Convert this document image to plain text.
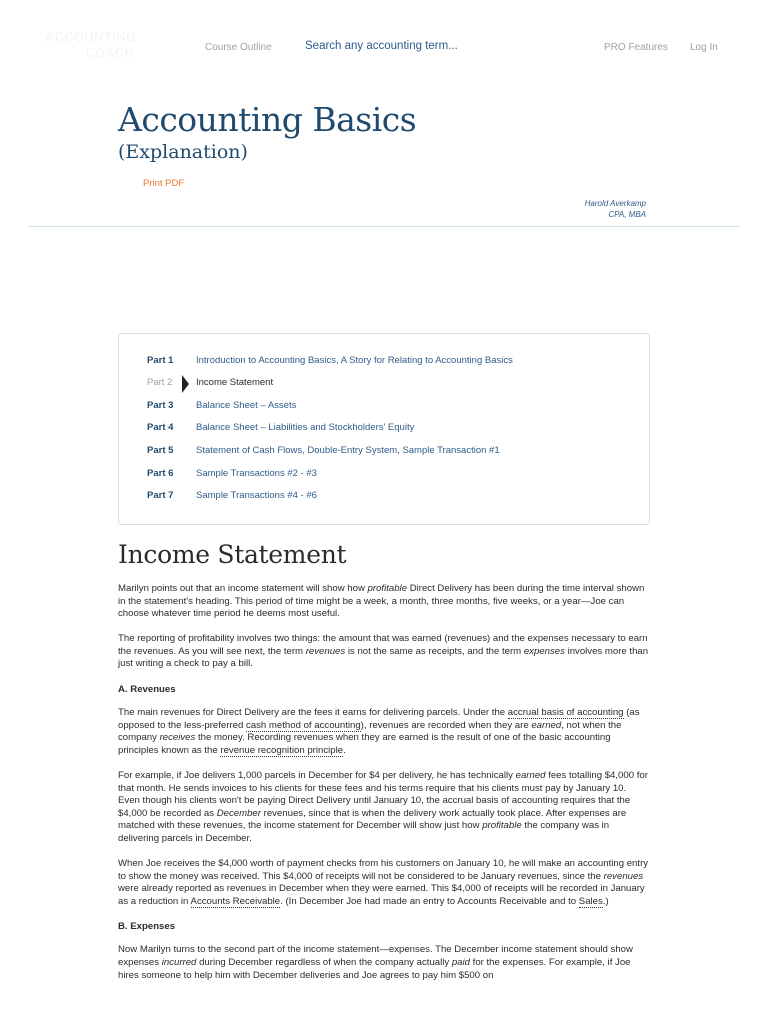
ACCOUNTING
COACH	Course Outline	Search any accounting term...	PRO Features Log In
Accounting Basics
(Explanation)
Print PDF
Harold Averkamp
CPA, MBA
Part 1	Introduction to Accounting Basics, A Story for Relating to Accounting Basics
Part 2	Income Statement
Part 3	Balance Sheet – Assets
Part 4	Balance Sheet – Liabilities and Stockholders' Equity
Part 5	Statement of Cash Flows, Double-Entry System, Sample Transaction #1
Part 6	Sample Transactions #2 - #3
Part 7	Sample Transactions #4 - #6
Income Statement

Marilyn points out that an income statement will show how profitable Direct Delivery has been during the time interval shown in the statement's heading. This period of time might be a week, a month, three months, five weeks, or a year—Joe can choose whatever time period he deems most useful.

The reporting of profitability involves two things: the amount that was earned (revenues) and the expenses necessary to earn the revenues. As you will see next, the term revenues is not the same as receipts, and the term expenses involves more than just writing a check to pay a bill.

A. Revenues

The main revenues for Direct Delivery are the fees it earns for delivering parcels. Under the accrual basis of accounting (as opposed to the less-preferred cash method of accounting), revenues are recorded when they are earned, not when the company receives the money. Recording revenues when they are earned is the result of one of the basic accounting principles known as the revenue recognition principle.

For example, if Joe delivers 1,000 parcels in December for $4 per delivery, he has technically earned fees totalling $4,000 for that month. He sends invoices to his clients for these fees and his terms require that his clients must pay by January 10. Even though his clients won't be paying Direct Delivery until January 10, the accrual basis of accounting requires that the $4,000 be recorded as December revenues, since that is when the delivery work actually took place. After expenses are matched with these revenues, the income statement for December will show just how profitable the company was in delivering parcels in December.

When Joe receives the $4,000 worth of payment checks from his customers on January 10, he will make an accounting entry to show the money was received. This $4,000 of receipts will not be considered to be January revenues, since the revenues were already reported as revenues in December when they were earned. This $4,000 of receipts will be recorded in January as a reduction in Accounts Receivable. (In December Joe had made an entry to Accounts Receivable and to Sales.)

B. Expenses

Now Marilyn turns to the second part of the income statement—expenses. The December income statement should show expenses incurred during December regardless of when the company actually paid for the expenses. For example, if Joe hires someone to help him with December deliveries and Joe agrees to pay him $500 on
